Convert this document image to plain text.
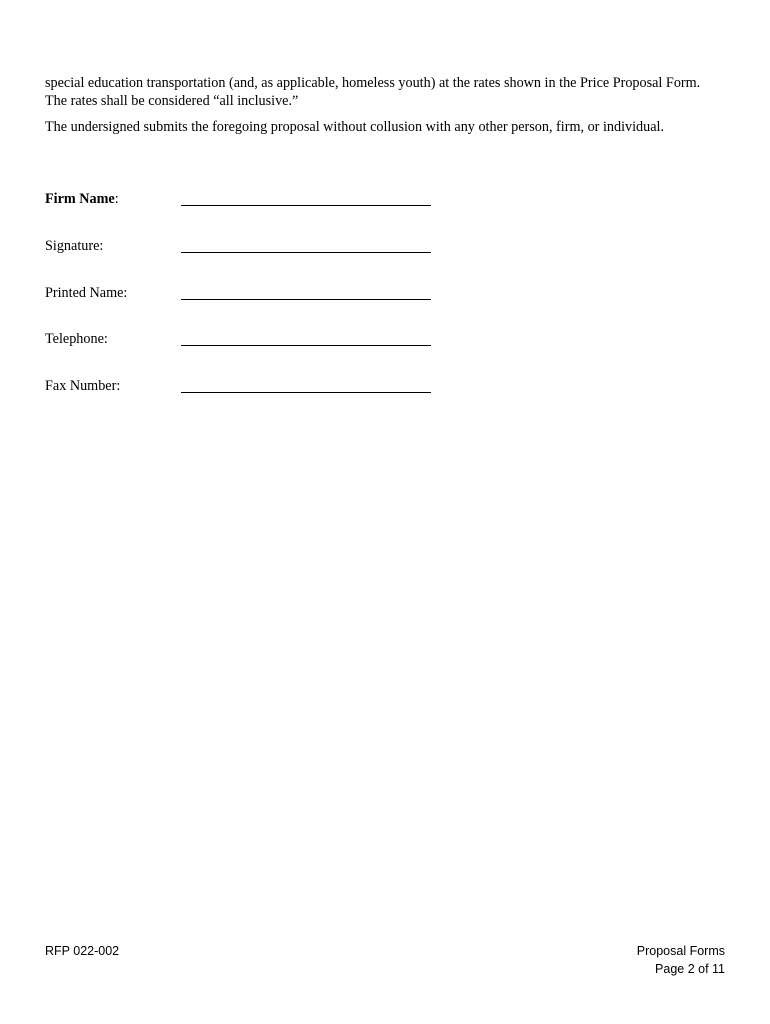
special education transportation (and, as applicable, homeless youth) at the rates shown in the Price Proposal Form. The rates shall be considered “all inclusive.”
The undersigned submits the foregoing proposal without collusion with any other person, firm, or individual.
Firm Name:
Signature:
Printed Name:
Telephone:
Fax Number:
RFP 022-002	Proposal Forms
Page 2 of 11
